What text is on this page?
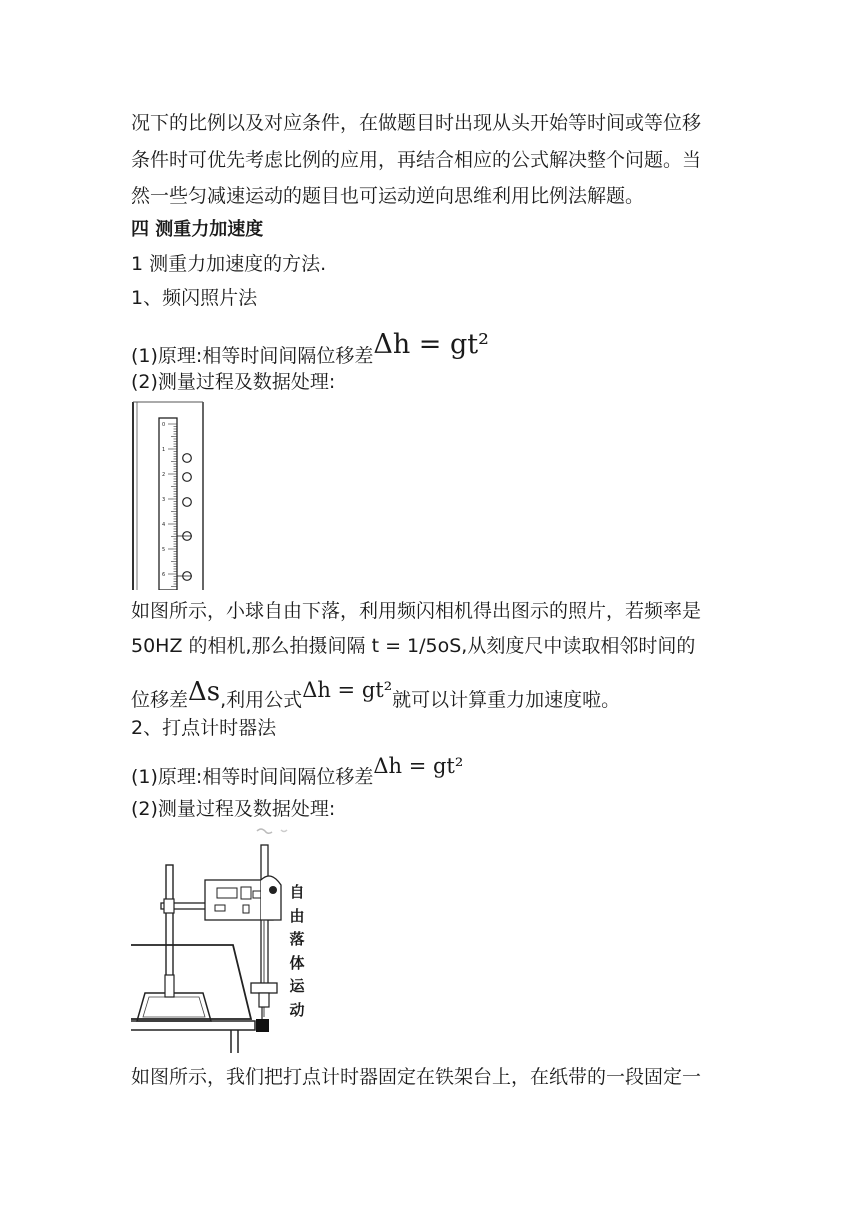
况下的比例以及对应条件，在做题目时出现从头开始等时间或等位移
条件时可优先考虑比例的应用，再结合相应的公式解决整个问题。当
然一些匀减速运动的题目也可运动逆向思维利用比例法解题。
四 测重力加速度
1 测重力加速度的方法.
1、频闪照片法
(1)原理:相等时间间隔位移差Δh = gt²
(2)测量过程及数据处理:
0
1
2
3
4
5
6
如图所示，小球自由下落，利用频闪相机得出图示的照片，若频率是
50HZ 的相机,那么拍摄间隔 t = 1/5oS,从刻度尺中读取相邻时间的
位移差Δs,利用公式Δh = gt²就可以计算重力加速度啦。
2、打点计时器法
(1)原理:相等时间间隔位移差Δh = gt²
(2)测量过程及数据处理:
自
由
落
体
运
动
如图所示，我们把打点计时器固定在铁架台上，在纸带的一段固定一
